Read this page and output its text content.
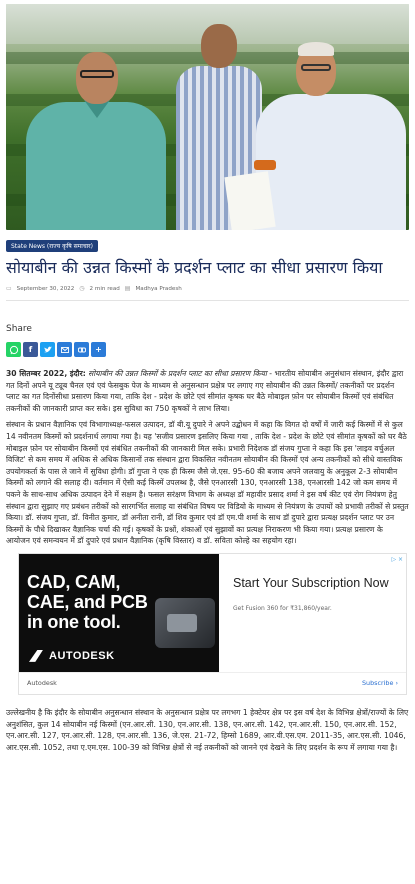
State News (राज्य कृषि समाचार)
सोयाबीन की उन्नत किस्मों के प्रदर्शन प्लाट का सीधा प्रसारण किया
▭ September 30, 2022 ◷ 2 min read ▤ Madhya Pradesh
Share
f	+

30 सितम्बर 2022, इंदौर: सोयाबीन की उन्नत किस्मों के प्रदर्शन प्लाट का सीधा प्रसारण किया - भारतीय सोयाबीन अनुसंधान संस्थान, इंदौर द्वारा गत दिनों अपने यू ट्यूब चैनल एवं एवं फेसबुक पेज के माध्यम से अनुसन्धान प्रक्षेत्र पर लगाए गए सोयाबीन की उन्नत किस्मों/ तकनीकों पर प्रदर्शन प्लाट का गत दिनोंसीधा प्रसारण किया गया, ताकि देश - प्रदेश के छोटे एवं सीमांत कृषक घर बैठे मोबाइल फ़ोन पर सोयाबीन किस्मों एवं संबंधित तकनीकों की जानकारी प्राप्त कर सके। इस सुविधा का 750 कृषकों ने लाभ लिया।

संस्थान के प्रधान वैज्ञानिक एवं विभागाध्यक्ष-फसल उत्पादन, डॉ बी.यू दुपारे ने अपने उद्बोधन में कहा कि विगत दो वर्षों में जारी कई किस्मों में से कुल 14 नवीनतम किस्मों को प्रदर्शनार्थ लगाया गया है। यह 'सजीव प्रसारण इसलिए किया गया , ताकि देश - प्रदेश के छोटे एवं सीमांत कृषकों को घर बैठे मोबाइल फ़ोन पर सोयाबीन किस्मों एवं संबंधित तकनीकों की जानकारी मिल सके। प्रभारी निदेशक डॉ संजय गुप्ता ने कहा कि इस 'लाइव वर्चुअल विजिट' से कम समय में अधिक से अधिक किसानों तक संस्थान द्वारा विकसित नवीनतम सोयाबीन की किस्मों एवं अन्य तकनीकों को सीधे वास्तविक उपयोगकर्ता के पास ले जाने में सुविधा होगी। डॉ गुप्ता ने एक ही किस्म जैसे जे.एस. 95-60 की बजाय अपने जलवायु के अनुकूल 2-3 सोयाबीन किस्मों को लगाने की सलाह दी। वर्तमान में ऐसी कई किस्में उपलब्ध है, जैसे एनआरसी 130, एनआरसी 138, एनआरसी 142 जो कम समय में पकने के साथ-साथ अधिक उत्पादन देने में सक्षम है। फसल सरंक्षण विभाग के अध्यक्ष डॉ महावीर प्रसाद शर्मा ने इस वर्ष कीट एवं रोग नियंत्रण हेतु संस्थान द्वारा सुझाए गए प्रबंधन तरीकों को सारगर्भित सलाह या संबंधित विषय पर विडियो के माध्यम से नियंत्रण के उपायों को प्रभावी तरीकों से प्रस्तुत किया। डॉ. संजय गुप्ता, डॉ. विनीत कुमार, डॉ अनीता रानी, डॉ शिव कुमार एवं डॉ एम.पी शर्मा के साथ डॉ दुपारे द्वारा प्रत्यक्ष प्रदर्शन प्लाट पर उन किस्मों के पौधे दिखाकर वैज्ञानिक चर्चा की गई। कृषकों के प्रश्नों, शंकाओं एवं सुझावों का प्रत्यक्ष निराकरण भी किया गया। प्रत्यक्ष प्रसारण के आयोजन एवं समन्वयन में डॉ दुपारे एवं प्रधान वैज्ञानिक (कृषि विस्तार) व डॉ. सविता कोल्हे का सहयोग रहा।

CAD, CAM,
CAE, and PCB
in one tool.
AUTODESK
Start Your Subscription Now
Get Fusion 360 for ₹31,860/year.
▷ ×
Autodesk	Subscribe ›

उल्लेखनीय है कि इंदौर के सोयाबीन अनुसन्धान संस्थान के अनुसन्धान प्रक्षेत्र पर लगभग 1 हेक्टेयर क्षेत्र पर इस वर्ष देश के विभिन्न क्षेत्रों/राज्यों के लिए अनुशंसित, कुल 14 सोयाबीन नई किस्मों (एन.आर.सी. 130, एन.आर.सी. 138, एन.आर.सी. 142, एन.आर.सी. 150, एन.आर.सी. 152, एन.आर.सी. 127, एन.आर.सी. 128, एन.आर.सी. 136, जे.एस. 21-72, हिम्सो 1689, आर.वी.एस.एम. 2011-35, आर.एस.सी. 1046, आर.एस.सी. 1052, तथा ए.एम.एस. 100-39 को विभिन्न क्षेत्रों से नई तकनीकों को जानने एवं देखने के लिए प्रदर्शन के रूप में लगाया गया है।
